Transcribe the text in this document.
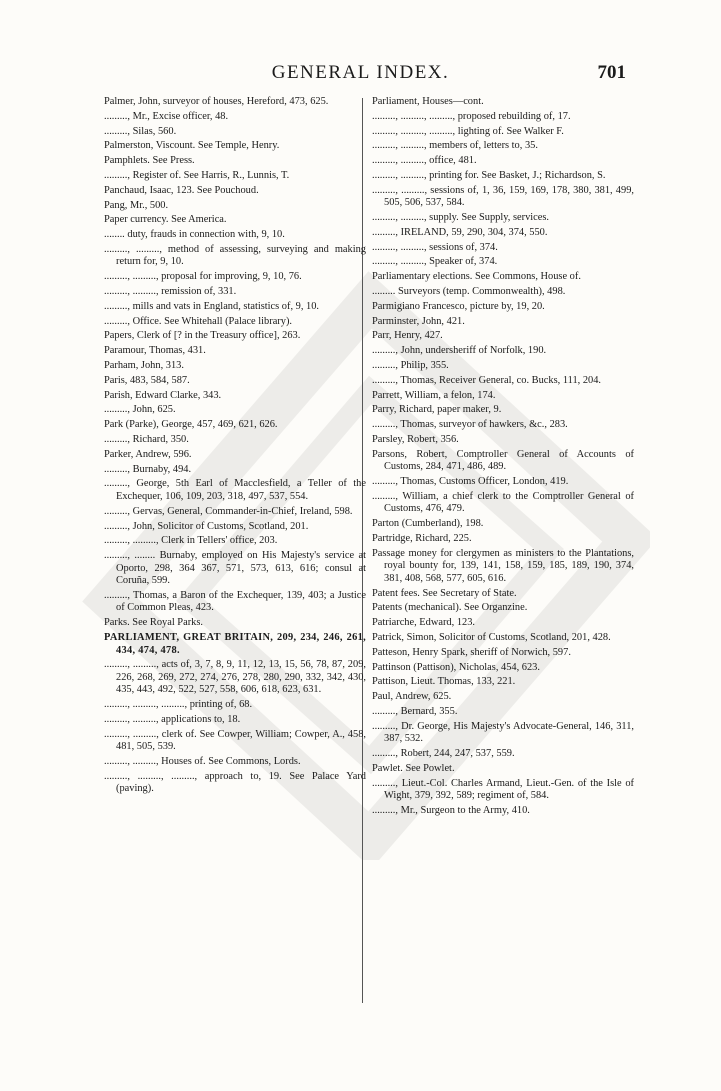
GENERAL INDEX.	701

Palmer, John, surveyor of houses, Hereford, 473, 625.

........., Mr., Excise officer, 48.

........., Silas, 560.

Palmerston, Viscount. See Temple, Henry.

Pamphlets. See Press.

........., Register of. See Harris, R., Lunnis, T.

Panchaud, Isaac, 123. See Pouchoud.

Pang, Mr., 500.

Paper currency. See America.

........ duty, frauds in connection with, 9, 10.

........., ........., method of assessing, surveying and making return for, 9, 10.

........., ........., proposal for improving, 9, 10, 76.

........., ........., remission of, 331.

........., mills and vats in England, statistics of, 9, 10.

........., Office. See Whitehall (Palace library).

Papers, Clerk of [? in the Treasury office], 263.

Paramour, Thomas, 431.

Parham, John, 313.

Paris, 483, 584, 587.

Parish, Edward Clarke, 343.

........., John, 625.

Park (Parke), George, 457, 469, 621, 626.

........., Richard, 350.

Parker, Andrew, 596.

........., Burnaby, 494.

........., George, 5th Earl of Macclesfield, a Teller of the Exchequer, 106, 109, 203, 318, 497, 537, 554.

........., Gervas, General, Commander-in-Chief, Ireland, 598.

........., John, Solicitor of Customs, Scotland, 201.

........., ........., Clerk in Tellers' office, 203.

........., ........ Burnaby, employed on His Majesty's service at Oporto, 298, 364 367, 571, 573, 613, 616; consul at Coruña, 599.

........., Thomas, a Baron of the Exchequer, 139, 403; a Justice of Common Pleas, 423.

Parks. See Royal Parks.

PARLIAMENT, GREAT BRITAIN, 209, 234, 246, 261, 434, 474, 478.

........., ........., acts of, 3, 7, 8, 9, 11, 12, 13, 15, 56, 78, 87, 209, 226, 268, 269, 272, 274, 276, 278, 280, 290, 332, 342, 430, 435, 443, 492, 522, 527, 558, 606, 618, 623, 631.

........., ........., ........., printing of, 68.

........., ........., applications to, 18.

........., ........., clerk of. See Cowper, William; Cowper, A., 458, 481, 505, 539.

........., ........., Houses of. See Commons, Lords.

........., ........., ........., approach to, 19. See Palace Yard (paving).

Parliament, Houses—cont.

........., ........., ........., proposed rebuilding of, 17.

........., ........., ........., lighting of. See Walker F.

........., ........., members of, letters to, 35.

........., ........., office, 481.

........., ........., printing for. See Basket, J.; Richardson, S.

........., ........., sessions of, 1, 36, 159, 169, 178, 380, 381, 499, 505, 506, 537, 584.

........., ........., supply. See Supply, services.

........., IRELAND, 59, 290, 304, 374, 550.

........., ........., sessions of, 374.

........., ........., Speaker of, 374.

Parliamentary elections. See Commons, House of.

......... Surveyors (temp. Commonwealth), 498.

Parmigiano Francesco, picture by, 19, 20.

Parminster, John, 421.

Parr, Henry, 427.

........., John, undersheriff of Norfolk, 190.

........., Philip, 355.

........., Thomas, Receiver General, co. Bucks, 111, 204.

Parrett, William, a felon, 174.

Parry, Richard, paper maker, 9.

........., Thomas, surveyor of hawkers, &c., 283.

Parsley, Robert, 356.

Parsons, Robert, Comptroller General of Accounts of Customs, 284, 471, 486, 489.

........., Thomas, Customs Officer, London, 419.

........., William, a chief clerk to the Comptroller General of Customs, 476, 479.

Parton (Cumberland), 198.

Partridge, Richard, 225.

Passage money for clergymen as ministers to the Plantations, royal bounty for, 139, 141, 158, 159, 185, 189, 190, 374, 381, 408, 568, 577, 605, 616.

Patent fees. See Secretary of State.

Patents (mechanical). See Organzine.

Patriarche, Edward, 123.

Patrick, Simon, Solicitor of Customs, Scotland, 201, 428.

Patteson, Henry Spark, sheriff of Norwich, 597.

Pattinson (Pattison), Nicholas, 454, 623.

Pattison, Lieut. Thomas, 133, 221.

Paul, Andrew, 625.

........., Bernard, 355.

........., Dr. George, His Majesty's Advocate-General, 146, 311, 387, 532.

........., Robert, 244, 247, 537, 559.

Pawlet. See Powlet.

........., Lieut.-Col. Charles Armand, Lieut.-Gen. of the Isle of Wight, 379, 392, 589; regiment of, 584.

........., Mr., Surgeon to the Army, 410.
